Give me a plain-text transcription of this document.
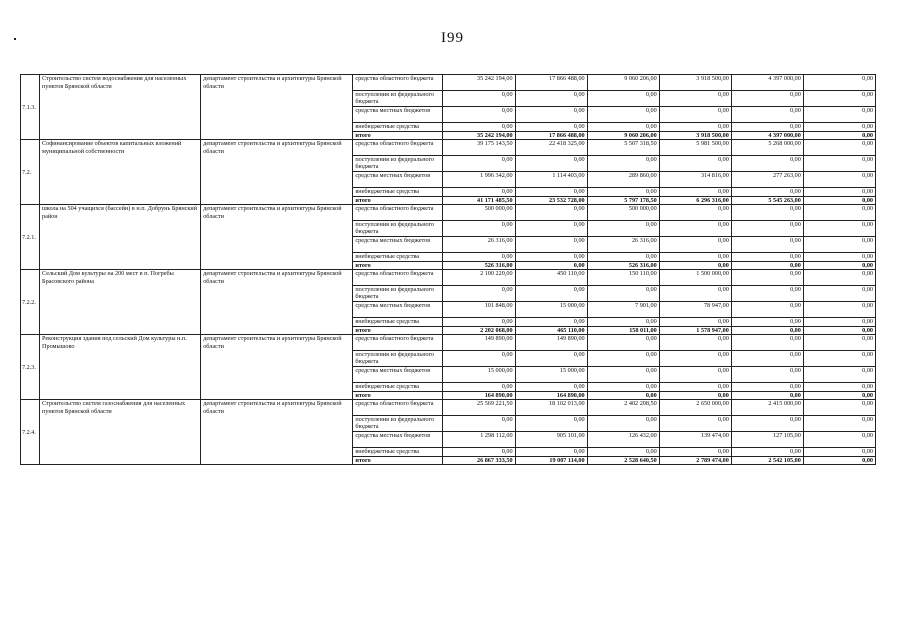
I99
7.1.3.	Строительство систем водоснабжения для населенных пунктов Брянской области	департамент строительства и архитектуры Брянской области	средства областного бюджета	35 242 194,00	17 866 488,00	9 060 206,00	3 918 500,00	4 397 000,00	0,00
			поступления из федерального бюджета	0,00	0,00	0,00	0,00	0,00	0,00
			средства местных бюджетов	0,00	0,00	0,00	0,00	0,00	0,00
			внебюджетные средства	0,00	0,00	0,00	0,00	0,00	0,00
			итого	35 242 194,00	17 866 488,00	9 060 206,00	3 918 500,00	4 397 000,00	0,00
7.2.	Софинансирование объектов капитальных вложений муниципальной собственности	департамент строительства и архитектуры Брянской области	средства областного бюджета	39 175 143,50	22 418 325,00	5 507 318,50	5 981 500,00	5 268 000,00	0,00
			поступления из федерального бюджета	0,00	0,00	0,00	0,00	0,00	0,00
			средства местных бюджетов	1 996 342,00	1 114 403,00	289 860,00	314 816,00	277 263,00	0,00
			внебюджетные средства	0,00	0,00	0,00	0,00	0,00	0,00
			итого	41 171 485,50	23 532 728,00	5 797 178,50	6 296 316,00	5 545 263,00	0,00
7.2.1.	школа на 504 учащихся (бассейн) в н.п. Добрунь Брянский район	департамент строительства и архитектуры Брянской области	средства областного бюджета	500 000,00	0,00	500 000,00	0,00	0,00	0,00
			поступления из федерального бюджета	0,00	0,00	0,00	0,00	0,00	0,00
			средства местных бюджетов	26 316,00	0,00	26 316,00	0,00	0,00	0,00
			внебюджетные средства	0,00	0,00	0,00	0,00	0,00	0,00
			итого	526 316,00	0,00	526 316,00	0,00	0,00	0,00
7.2.2.	Сельский Дом культуры на 200 мест в п. Погребы Брасовского района	департамент строительства и архитектуры Брянской области	средства областного бюджета	2 100 220,00	450 110,00	150 110,00	1 500 000,00	0,00	0,00
			поступления из федерального бюджета	0,00	0,00	0,00	0,00	0,00	0,00
			средства местных бюджетов	101 848,00	15 000,00	7 901,00	78 947,00	0,00	0,00
			внебюджетные средства	0,00	0,00	0,00	0,00	0,00	0,00
			итого	2 202 068,00	465 110,00	158 011,00	1 578 947,00	0,00	0,00
7.2.3.	Реконструкция здания под сельский Дом культуры н.п. Промышово	департамент строительства и архитектуры Брянской области	средства областного бюджета	149 890,00	149 890,00	0,00	0,00	0,00	0,00
			поступления из федерального бюджета	0,00	0,00	0,00	0,00	0,00	0,00
			средства местных бюджетов	15 000,00	15 000,00	0,00	0,00	0,00	0,00
			внебюджетные средства	0,00	0,00	0,00	0,00	0,00	0,00
			итого	164 890,00	164 890,00	0,00	0,00	0,00	0,00
7.2.4.	Строительство систем газоснабжения для населенных пунктов Брянской области	департамент строительства и архитектуры Брянской области	средства областного бюджета	25 569 221,50	18 102 013,00	2 402 208,50	2 650 000,00	2 415 000,00	0,00
			поступления из федерального бюджета	0,00	0,00	0,00	0,00	0,00	0,00
			средства местных бюджетов	1 298 112,00	905 101,00	126 432,00	139 474,00	127 105,00	0,00
			внебюджетные средства	0,00	0,00	0,00	0,00	0,00	0,00
			итого	26 867 333,50	19 007 114,00	2 528 640,50	2 789 474,00	2 542 105,00	0,00
